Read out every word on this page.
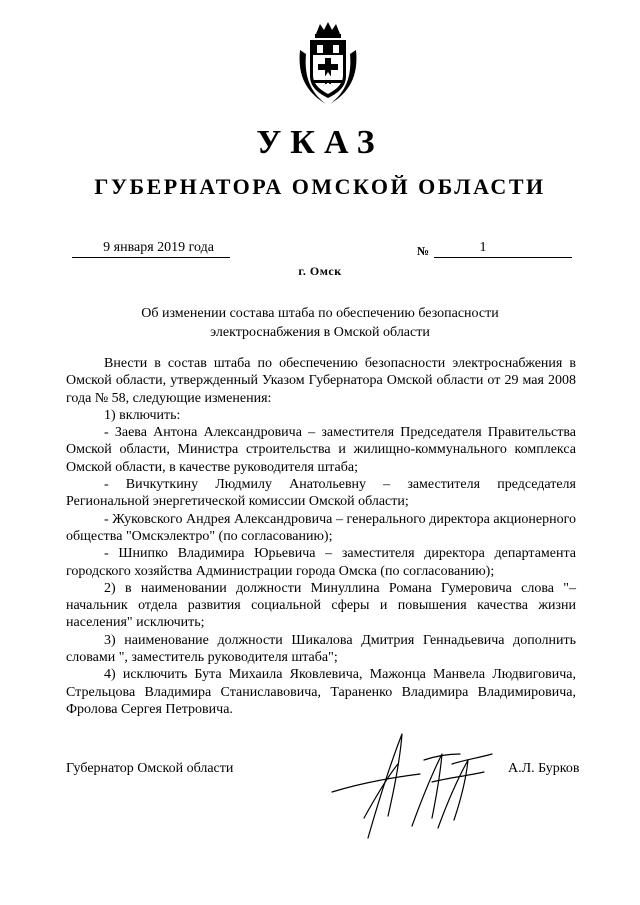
УКАЗ
ГУБЕРНАТОРА ОМСКОЙ ОБЛАСТИ
9 января 2019 года	№	1
г. Омск
Об изменении состава штаба по обеспечению безопасности
электроснабжения в Омской области

Внести в состав штаба по обеспечению безопасности электроснабжения в Омской области, утвержденный Указом Губернатора Омской области от 29 мая 2008 года № 58, следующие изменения:

1) включить:

- Заева Антона Александровича – заместителя Председателя Правительства Омской области, Министра строительства и жилищно-коммунального комплекса Омской области, в качестве руководителя штаба;

- Вичкуткину Людмилу Анатольевну – заместителя председателя Региональной энергетической комиссии Омской области;

- Жуковского Андрея Александровича – генерального директора акционерного общества "Омскэлектро" (по согласованию);

- Шнипко Владимира Юрьевича – заместителя директора департамента городского хозяйства Администрации города Омска (по согласованию);

2) в наименовании должности Минуллина Романа Гумеровича слова "– начальник отдела развития социальной сферы и повышения качества жизни населения" исключить;

3) наименование должности Шикалова Дмитрия Геннадьевича дополнить словами ", заместитель руководителя штаба";

4) исключить Бута Михаила Яковлевича, Мажонца Манвела Людвиговича, Стрельцова Владимира Станиславовича, Тараненко Владимира Владимировича, Фролова Сергея Петровича.

Губернатор Омской области	А.Л. Бурков
